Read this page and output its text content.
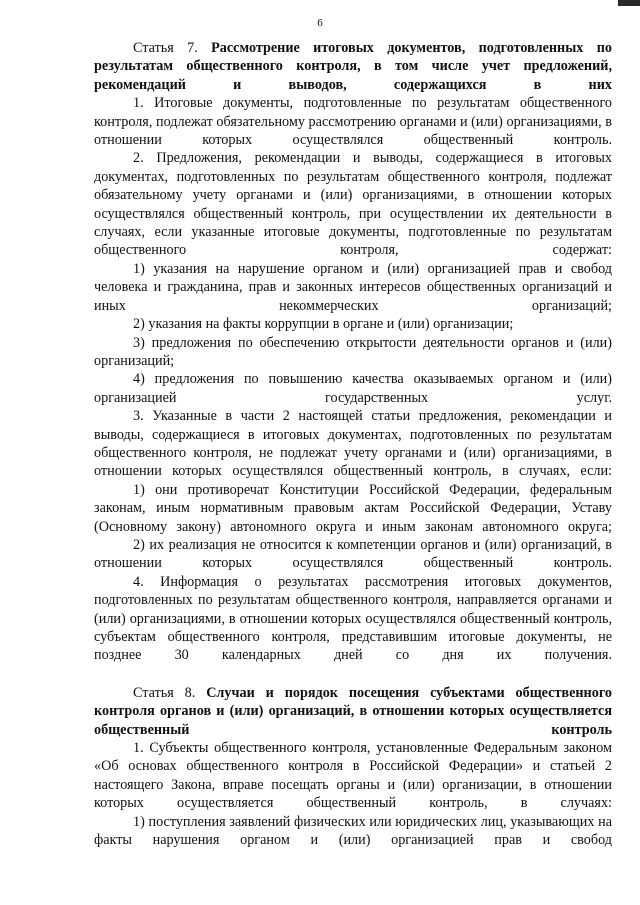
6

Статья 7. Рассмотрение итоговых документов, подготовленных по результатам общественного контроля, в том числе учет предложений, рекомендаций и выводов, содержащихся в них

1. Итоговые документы, подготовленные по результатам общественного контроля, подлежат обязательному рассмотрению органами и (или) организациями, в отношении которых осуществлялся общественный контроль.

2. Предложения, рекомендации и выводы, содержащиеся в итоговых документах, подготовленных по результатам общественного контроля, подлежат обязательному учету органами и (или) организациями, в отношении которых осуществлялся общественный контроль, при осуществлении их деятельности в случаях, если указанные итоговые документы, подготовленные по результатам общественного контроля, содержат:

1) указания на нарушение органом и (или) организацией прав и свобод человека и гражданина, прав и законных интересов общественных организаций и иных некоммерческих организаций;

2) указания на факты коррупции в органе и (или) организации;

3) предложения по обеспечению открытости деятельности органов и (или) организаций;

4) предложения по повышению качества оказываемых органом и (или) организацией государственных услуг.

3. Указанные в части 2 настоящей статьи предложения, рекомендации и выводы, содержащиеся в итоговых документах, подготовленных по результатам общественного контроля, не подлежат учету органами и (или) организациями, в отношении которых осуществлялся общественный контроль, в случаях, если:

1) они противоречат Конституции Российской Федерации, федеральным законам, иным нормативным правовым актам Российской Федерации, Уставу (Основному закону) автономного округа и иным законам автономного округа;

2) их реализация не относится к компетенции органов и (или) организаций, в отношении которых осуществлялся общественный контроль.

4. Информация о результатах рассмотрения итоговых документов, подготовленных по результатам общественного контроля, направляется органами и (или) организациями, в отношении которых осуществлялся общественный контроль, субъектам общественного контроля, представившим итоговые документы, не позднее 30 календарных дней со дня их получения.

Статья 8. Случаи и порядок посещения субъектами общественного контроля органов и (или) организаций, в отношении которых осуществляется общественный контроль

1. Субъекты общественного контроля, установленные Федеральным законом «Об основах общественного контроля в Российской Федерации» и статьей 2 настоящего Закона, вправе посещать органы и (или) организации, в отношении которых осуществляется общественный контроль, в случаях:

1) поступления заявлений физических или юридических лиц, указывающих на факты нарушения органом и (или) организацией прав и свобод
